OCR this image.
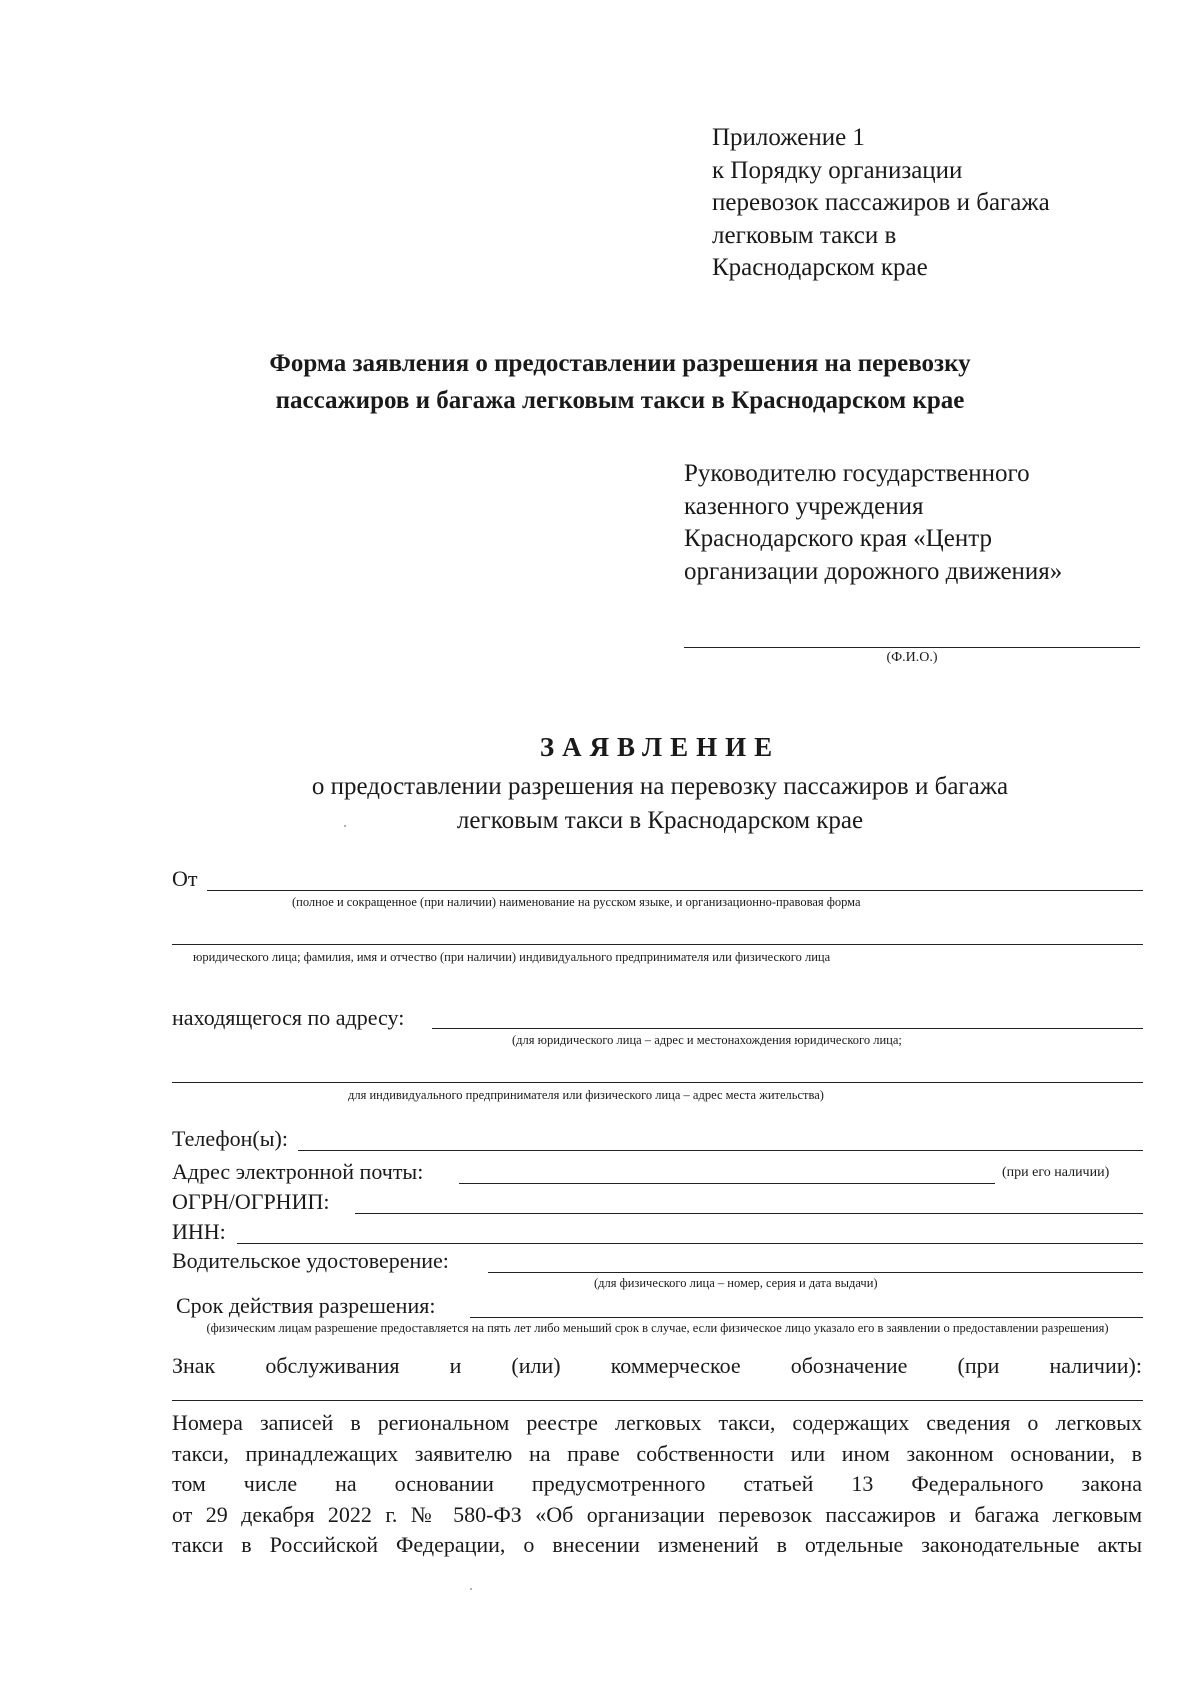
Приложение 1
к Порядку организации
перевозок пассажиров и багажа
легковым такси в
Краснодарском крае
Форма заявления о предоставлении разрешения на перевозку
пассажиров и багажа легковым такси в Краснодарском крае
Руководителю государственного
казенного учреждения
Краснодарского края «Центр
организации дорожного движения»
(Ф.И.О.)
ЗАЯВЛЕНИЕ
о предоставлении разрешения на перевозку пассажиров и багажа
легковым такси в Краснодарском крае
От
(полное и сокращенное (при наличии) наименование на русском языке, и организационно-правовая форма
юридического лица; фамилия, имя и отчество (при наличии) индивидуального предпринимателя или физического лица
находящегося по адресу:
(для юридического лица – адрес и местонахождения юридического лица;
для индивидуального предпринимателя или физического лица – адрес места жительства)
Телефон(ы):
Адрес электронной почты:	(при его наличии)
ОГРН/ОГРНИП:
ИНН:
Водительское удостоверение:
(для физического лица – номер, серия и дата выдачи)
Срок действия разрешения:
(физическим лицам разрешение предоставляется на пять лет либо меньший срок в случае, если физическое лицо указало его в заявлении о предоставлении разрешения)
Знак обслуживания и (или) коммерческое обозначение (при наличии):
Номера записей в региональном реестре легковых такси, содержащих сведения о легковых
такси, принадлежащих заявителю на праве собственности или ином законном основании, в
том числе на основании предусмотренного статьей 13 Федерального закона
от 29 декабря 2022 г. № 580-ФЗ «Об организации перевозок пассажиров и багажа легковым
такси в Российской Федерации, о внесении изменений в отдельные законодательные акты
